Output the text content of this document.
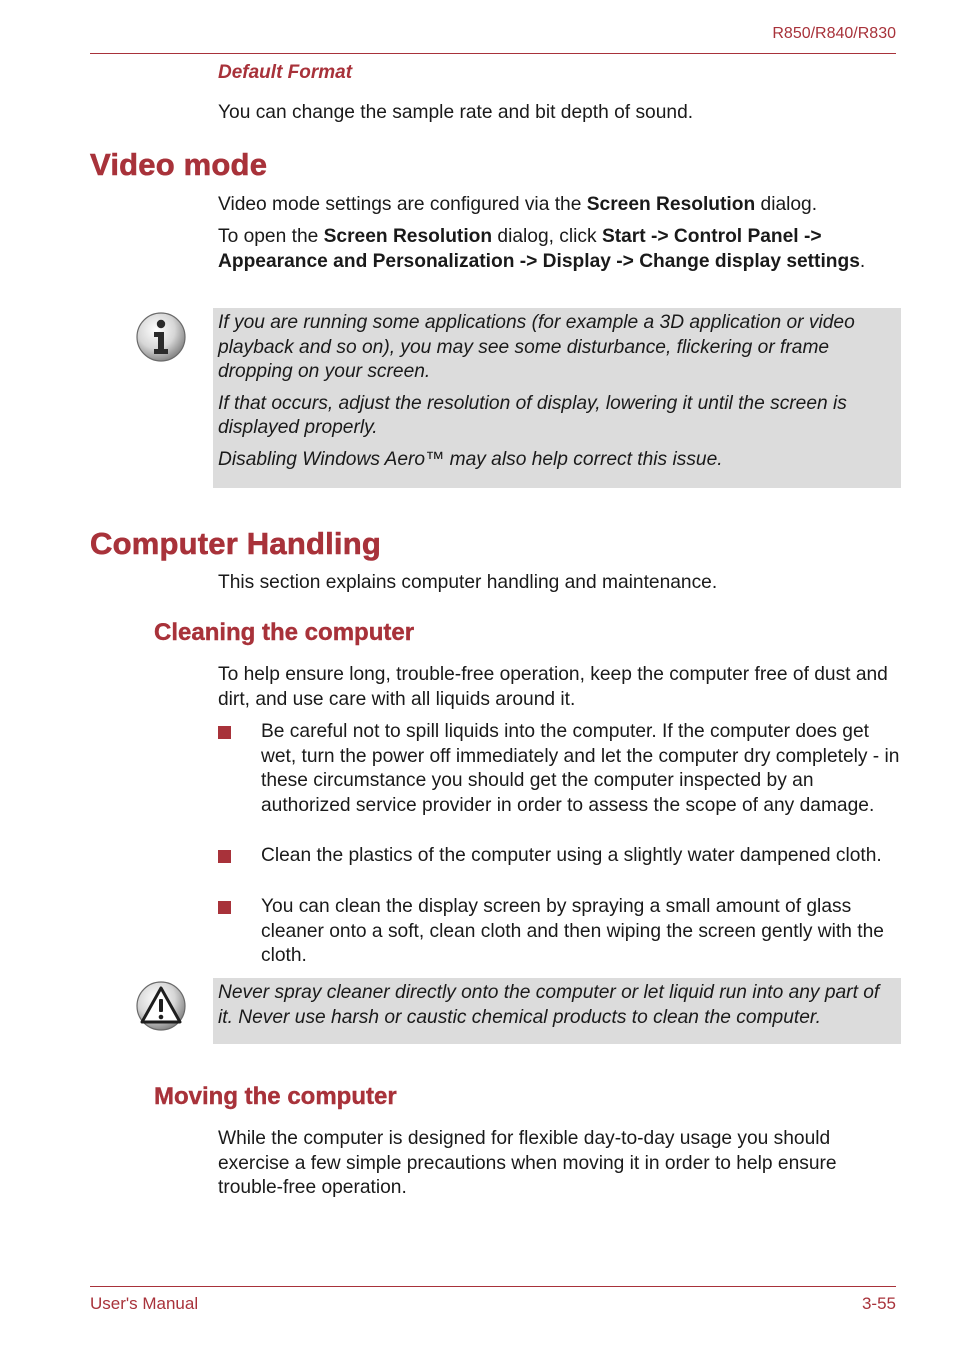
R850/R840/R830
Default Format
You can change the sample rate and bit depth of sound.
Video mode
Video mode settings are configured via the Screen Resolution dialog.
To open the Screen Resolution dialog, click Start -> Control Panel -> Appearance and Personalization -> Display -> Change display settings.

If you are running some applications (for example a 3D application or video playback and so on), you may see some disturbance, flickering or frame dropping on your screen.

If that occurs, adjust the resolution of display, lowering it until the screen is displayed properly.

Disabling Windows Aero™ may also help correct this issue.

Computer Handling
This section explains computer handling and maintenance.
Cleaning the computer
To help ensure long, trouble-free operation, keep the computer free of dust and dirt, and use care with all liquids around it.
Be careful not to spill liquids into the computer. If the computer does get wet, turn the power off immediately and let the computer dry completely - in these circumstance you should get the computer inspected by an authorized service provider in order to assess the scope of any damage.
Clean the plastics of the computer using a slightly water dampened cloth.
You can clean the display screen by spraying a small amount of glass cleaner onto a soft, clean cloth and then wiping the screen gently with the cloth.

Never spray cleaner directly onto the computer or let liquid run into any part of it. Never use harsh or caustic chemical products to clean the computer.

Moving the computer
While the computer is designed for flexible day-to-day usage you should exercise a few simple precautions when moving it in order to help ensure trouble-free operation.
User's Manual	3-55
